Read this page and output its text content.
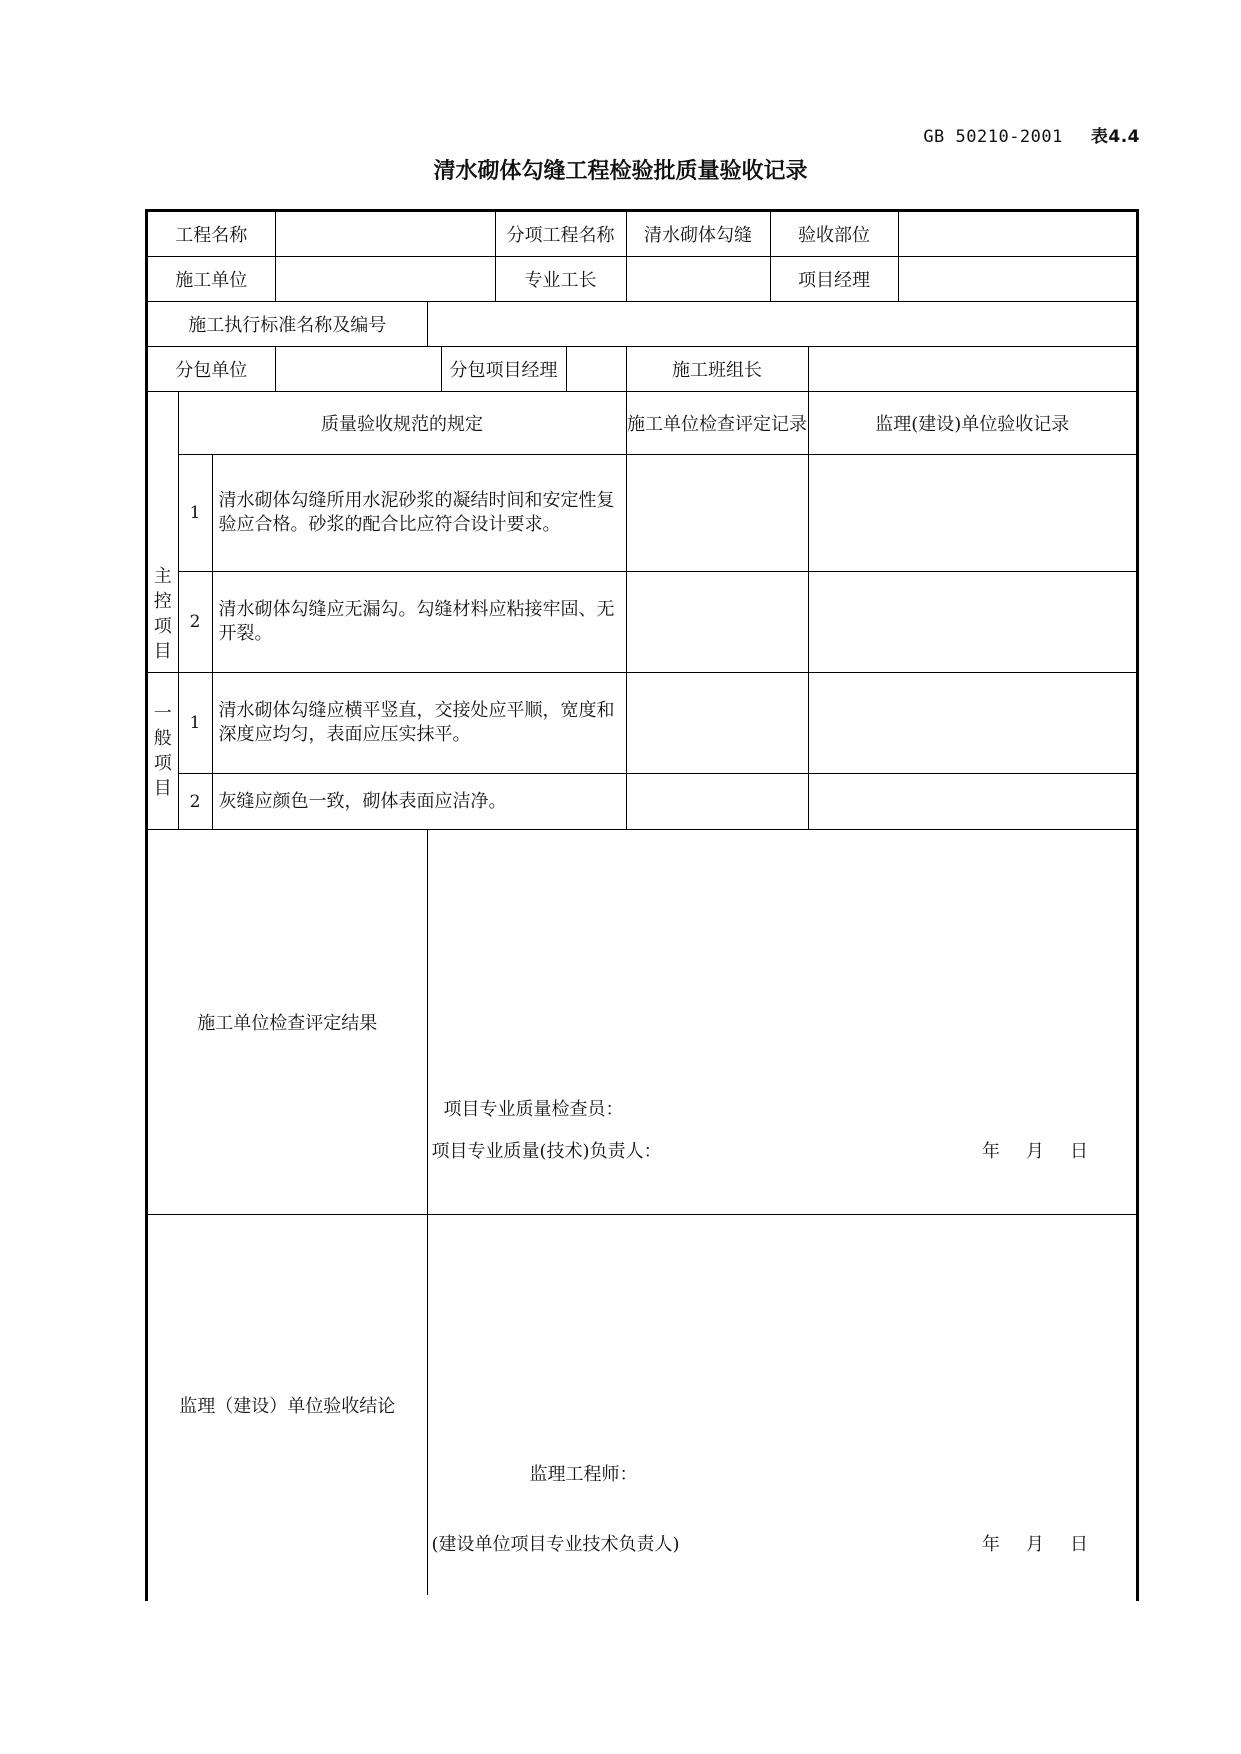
GB 50210-2001 表4.4
清水砌体勾缝工程检验批质量验收记录
工程名称						分项工程名称		清水砌体勾缝	验收部位		
施工单位						专业工长			项目经理		
施工执行标准名称及编号											
分包单位					分包项目经理			施工班组长			

主
控
项
目	质量验收规范的规定							施工单位检查评定记录		监理(建设)单位验收记录	
	1	清水砌体勾缝所用水泥砂浆的凝结时间和安定性复验应合格。砂浆的配合比应符合设计要求。									
	2	清水砌体勾缝应无漏勾。勾缝材料应粘接牢固、无开裂。									

一
般
项
目	1	清水砌体勾缝应横平竖直，交接处应平顺，宽度和深度应均匀，表面应压实抹平。									
	2	灰缝应颜色一致，砌体表面应洁净。									
施工单位检查评定结果				项目专业质量检查员：
项目专业质量(技术)负责人： 年 月 日							

监理（建设）单位验收结论				监理工程师：
(建设单位项目专业技术负责人) 年 月 日							
